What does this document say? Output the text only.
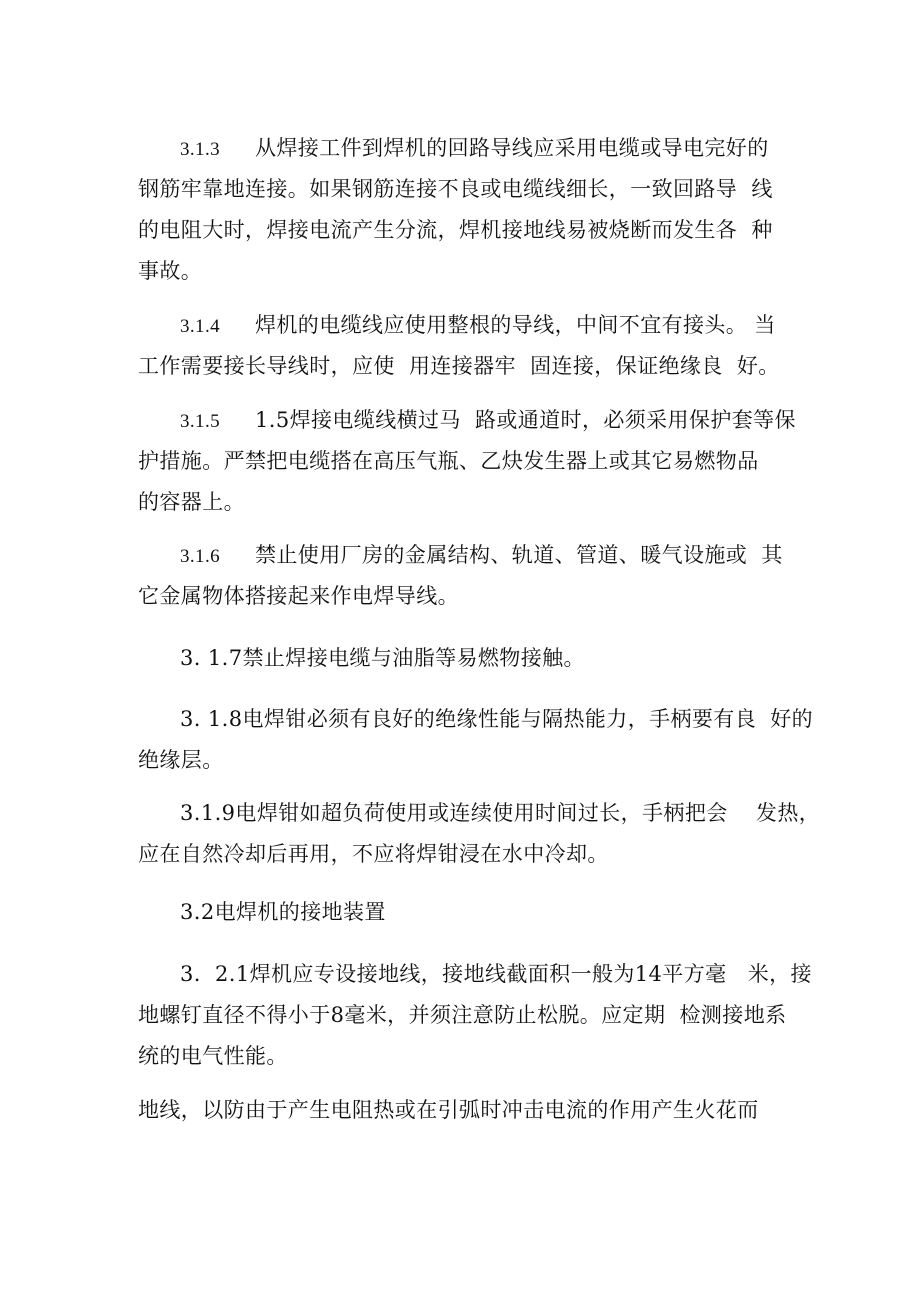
3.1.3 从焊接工件到焊机的回路导线应采用电缆或导电完好的
钢筋牢靠地连接。如果钢筋连接不良或电缆线细长，一致回路导  线
的电阻大时，焊接电流产生分流，焊机接地线易被烧断而发生各  种
事故。
3.1.4 焊机的电缆线应使用整根的导线，中间不宜有接头。 当
工作需要接长导线时，应使  用连接器牢  固连接，保证绝缘良  好。
3.1.5 1.5焊接电缆线横过马  路或通道时，必须采用保护套等保
护措施。严禁把电缆搭在高压气瓶、乙炔发生器上或其它易燃物品
的容器上。
3.1.6 禁止使用厂房的金属结构、轨道、管道、暖气设施或  其
它金属物体搭接起来作电焊导线。
3. 1.7禁止焊接电缆与油脂等易燃物接触。
3. 1.8电焊钳必须有良好的绝缘性能与隔热能力，手柄要有良  好的
绝缘层。
3.1.9电焊钳如超负荷使用或连续使用时间过长，手柄把会    发热，
应在自然冷却后再用，不应将焊钳浸在水中冷却。
3.2电焊机的接地装置
3.  2.1焊机应专设接地线，接地线截面积一般为14平方毫   米，接
地螺钉直径不得小于8毫米，并须注意防止松脱。应定期  检测接地系
统的电气性能。
地线，以防由于产生电阻热或在引弧时冲击电流的作用产生火花而
